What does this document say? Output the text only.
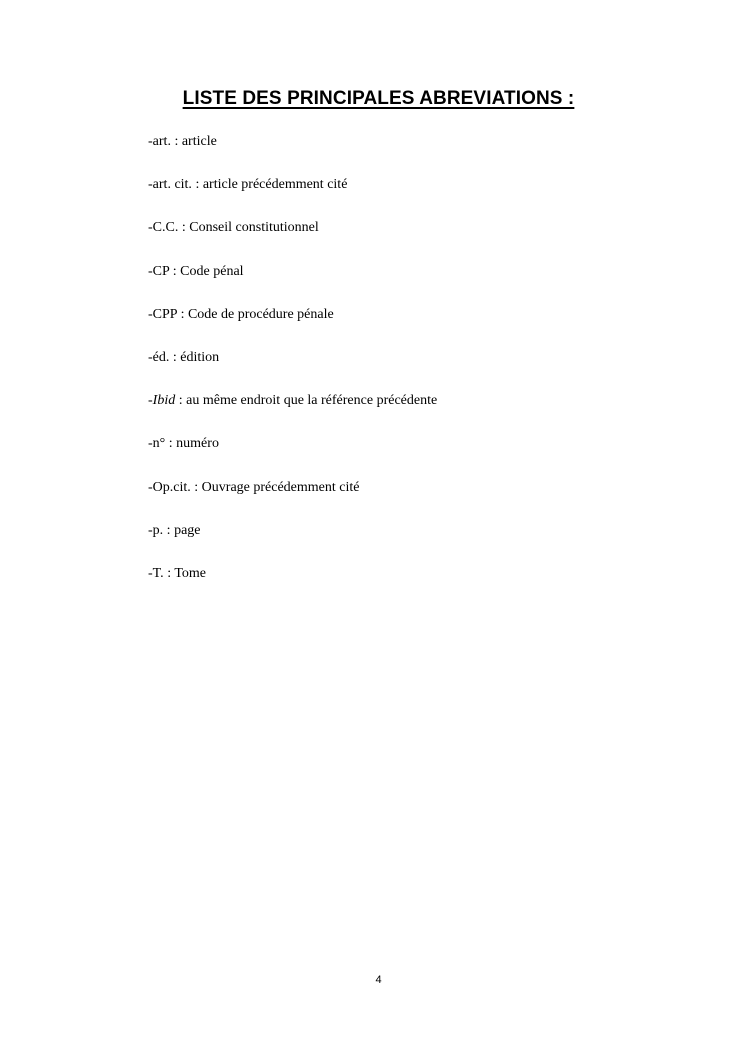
LISTE DES PRINCIPALES ABREVIATIONS :
-art. : article
-art. cit. : article précédemment cité
-C.C. : Conseil constitutionnel
-CP : Code pénal
-CPP : Code de procédure pénale
-éd. : édition
-Ibid : au même endroit que la référence précédente
-n° : numéro
-Op.cit. : Ouvrage précédemment cité
-p. : page
-T. : Tome
4
